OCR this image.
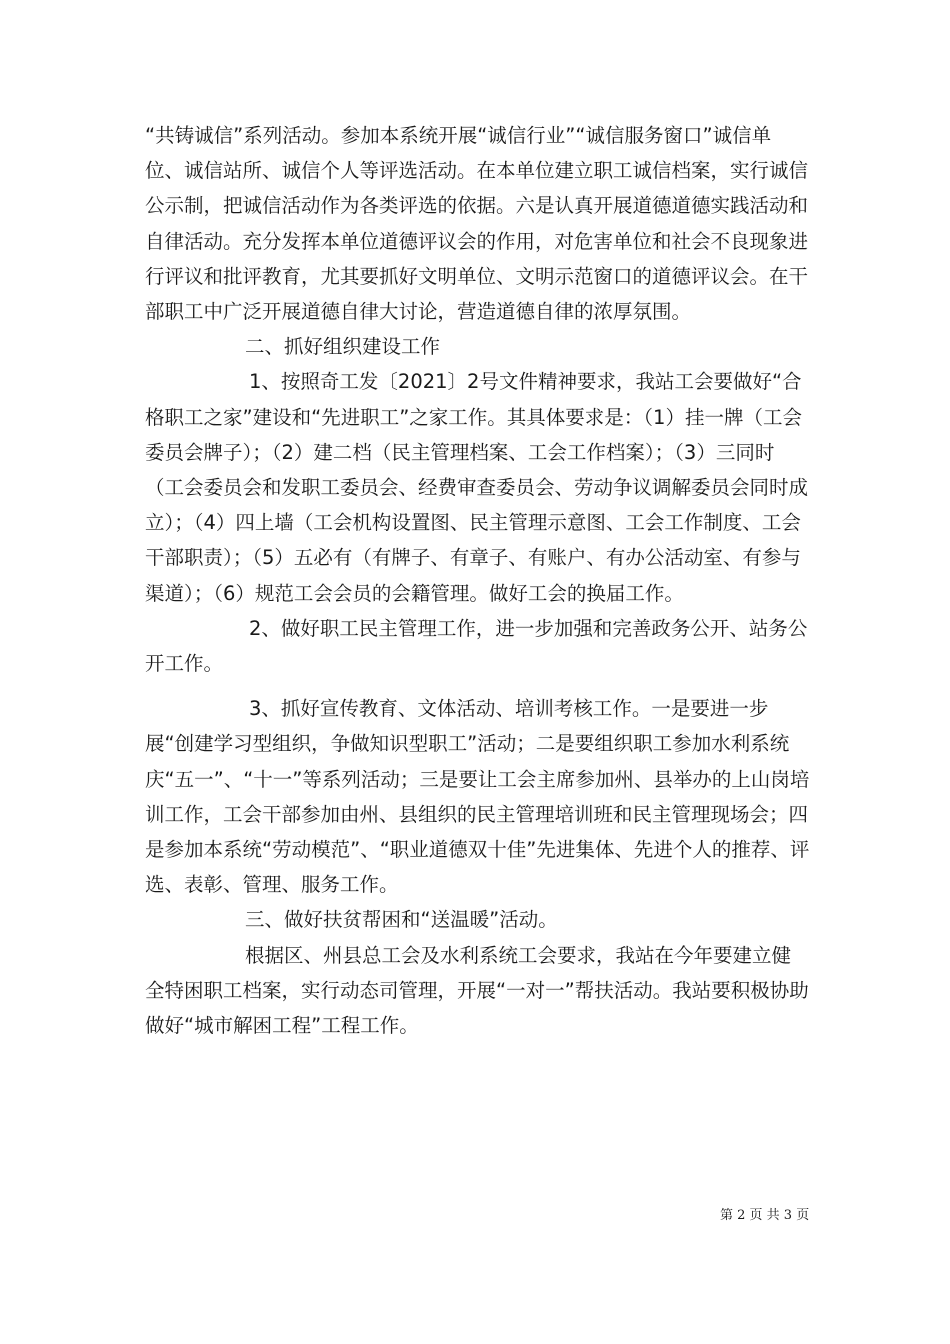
“共铸诚信”系列活动。参加本系统开展“诚信行业”“诚信服务窗口”诚信单位、诚信站所、诚信个人等评选活动。在本单位建立职工诚信档案，实行诚信公示制，把诚信活动作为各类评选的依据。六是认真开展道德道德实践活动和自律活动。充分发挥本单位道德评议会的作用，对危害单位和社会不良现象进行评议和批评教育，尤其要抓好文明单位、文明示范窗口的道德评议会。在干部职工中广泛开展道德自律大讨论，营造道德自律的浓厚氛围。

二、抓好组织建设工作

1、按照奇工发〔2021〕2号文件精神要求，我站工会要做好“合格职工之家”建设和“先进职工”之家工作。其具体要求是：（1）挂一牌（工会委员会牌子）；（2）建二档（民主管理档案、工会工作档案）；（3）三同时（工会委员会和发职工委员会、经费审查委员会、劳动争议调解委员会同时成立）；（4）四上墙（工会机构设置图、民主管理示意图、工会工作制度、工会干部职责）；（5）五必有（有牌子、有章子、有账户、有办公活动室、有参与渠道）；（6）规范工会会员的会籍管理。做好工会的换届工作。

2、做好职工民主管理工作，进一步加强和完善政务公开、站务公开工作。

3、抓好宣传教育、文体活动、培训考核工作。一是要进一步展“创建学习型组织，争做知识型职工”活动；二是要组织职工参加水利系统庆“五一”、“十一”等系列活动；三是要让工会主席参加州、县举办的上山岗培训工作，工会干部参加由州、县组织的民主管理培训班和民主管理现场会；四是参加本系统“劳动模范”、“职业道德双十佳”先进集体、先进个人的推荐、评选、表彰、管理、服务工作。

三、做好扶贫帮困和“送温暖”活动。

根据区、州县总工会及水利系统工会要求，我站在今年要建立健全特困职工档案，实行动态司管理，开展“一对一”帮扶活动。我站要积极协助做好“城市解困工程”工程工作。

第 2 页 共 3 页
